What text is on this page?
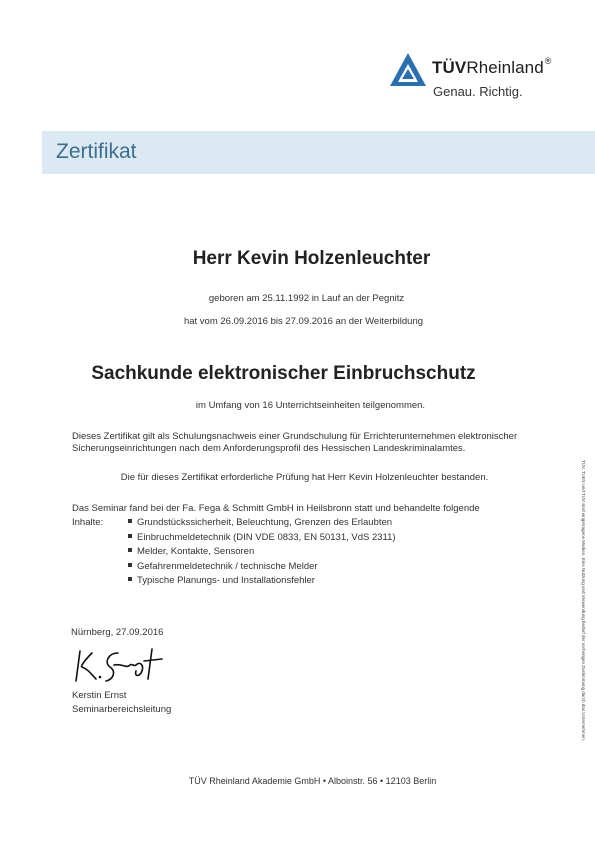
TÜVRheinland®
Genau. Richtig.
Zertifikat
Herr Kevin Holzenleuchter
geboren am 25.11.1992 in Lauf an der Pegnitz
hat vom 26.09.2016 bis 27.09.2016 an der Weiterbildung
Sachkunde elektronischer Einbruchschutz
im Umfang von 16 Unterrichtseinheiten teilgenommen.
Dieses Zertifikat gilt als Schulungsnachweis einer Grundschulung für Errichterunternehmen elektronischer Sicherungseinrichtungen nach dem Anforderungsprofil des Hessischen Landeskriminalamtes.
Die für dieses Zertifikat erforderliche Prüfung hat Herr Kevin Holzenleuchter bestanden.
Das Seminar fand bei der Fa. Fega & Schmitt GmbH in Heilsbronn statt und behandelte folgende
Inhalte:	Grundstückssicherheit, Beleuchtung, Grenzen des Erlaubten
Einbruchmeldetechnik (DIN VDE 0833, EN 50131, VdS 2311)
Melder, Kontakte, Sensoren
Gefahrenmeldetechnik / technische Melder
Typische Planungs- und Installationsfehler
Nürnberg, 27.09.2016
Kerstin Ernst
Seminarbereichsleitung
TÜV Rheinland Akademie GmbH • Alboinstr. 56 • 12103 Berlin
TÜV, TUEV und TUV sind eingetragene Marken. Eine Nutzung und Verwendung bedarf der vorherigen Zustimmung durch das Unternehmen.
